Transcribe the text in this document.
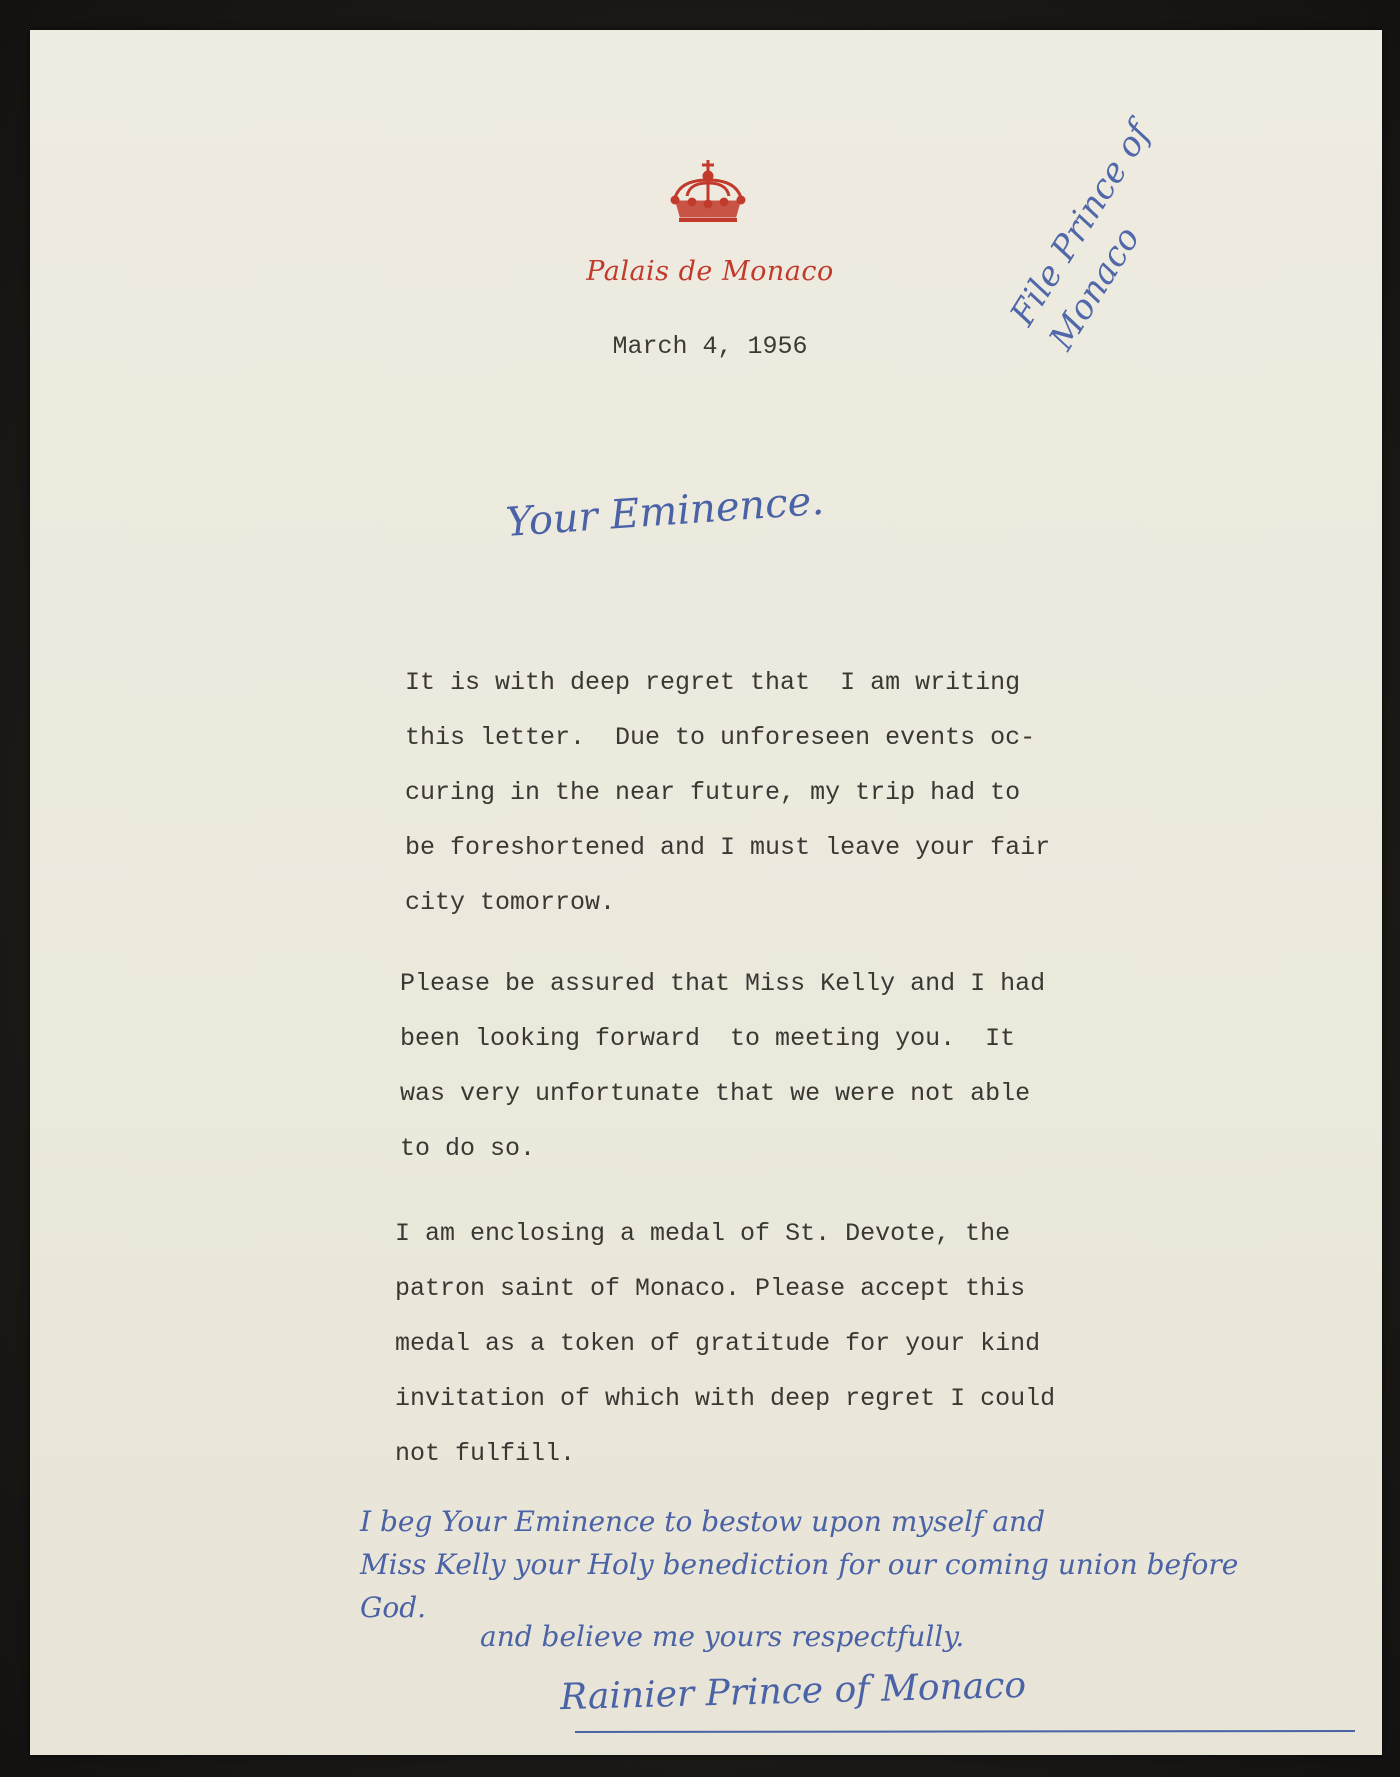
Palais de Monaco
March 4, 1956
File Prince of Monaco
Your Eminence.
It is with deep regret that  I am writing
this letter.  Due to unforeseen events oc-
curing in the near future, my trip had to
be foreshortened and I must leave your fair
city tomorrow.
Please be assured that Miss Kelly and I had
been looking forward  to meeting you.  It
was very unfortunate that we were not able
to do so.
I am enclosing a medal of St. Devote, the
patron saint of Monaco. Please accept this
medal as a token of gratitude for your kind
invitation of which with deep regret I could
not fulfill.
I beg Your Eminence to bestow upon myself and
Miss Kelly your Holy benediction for our coming union before
God.
and believe me yours respectfully.
Rainier Prince of Monaco
